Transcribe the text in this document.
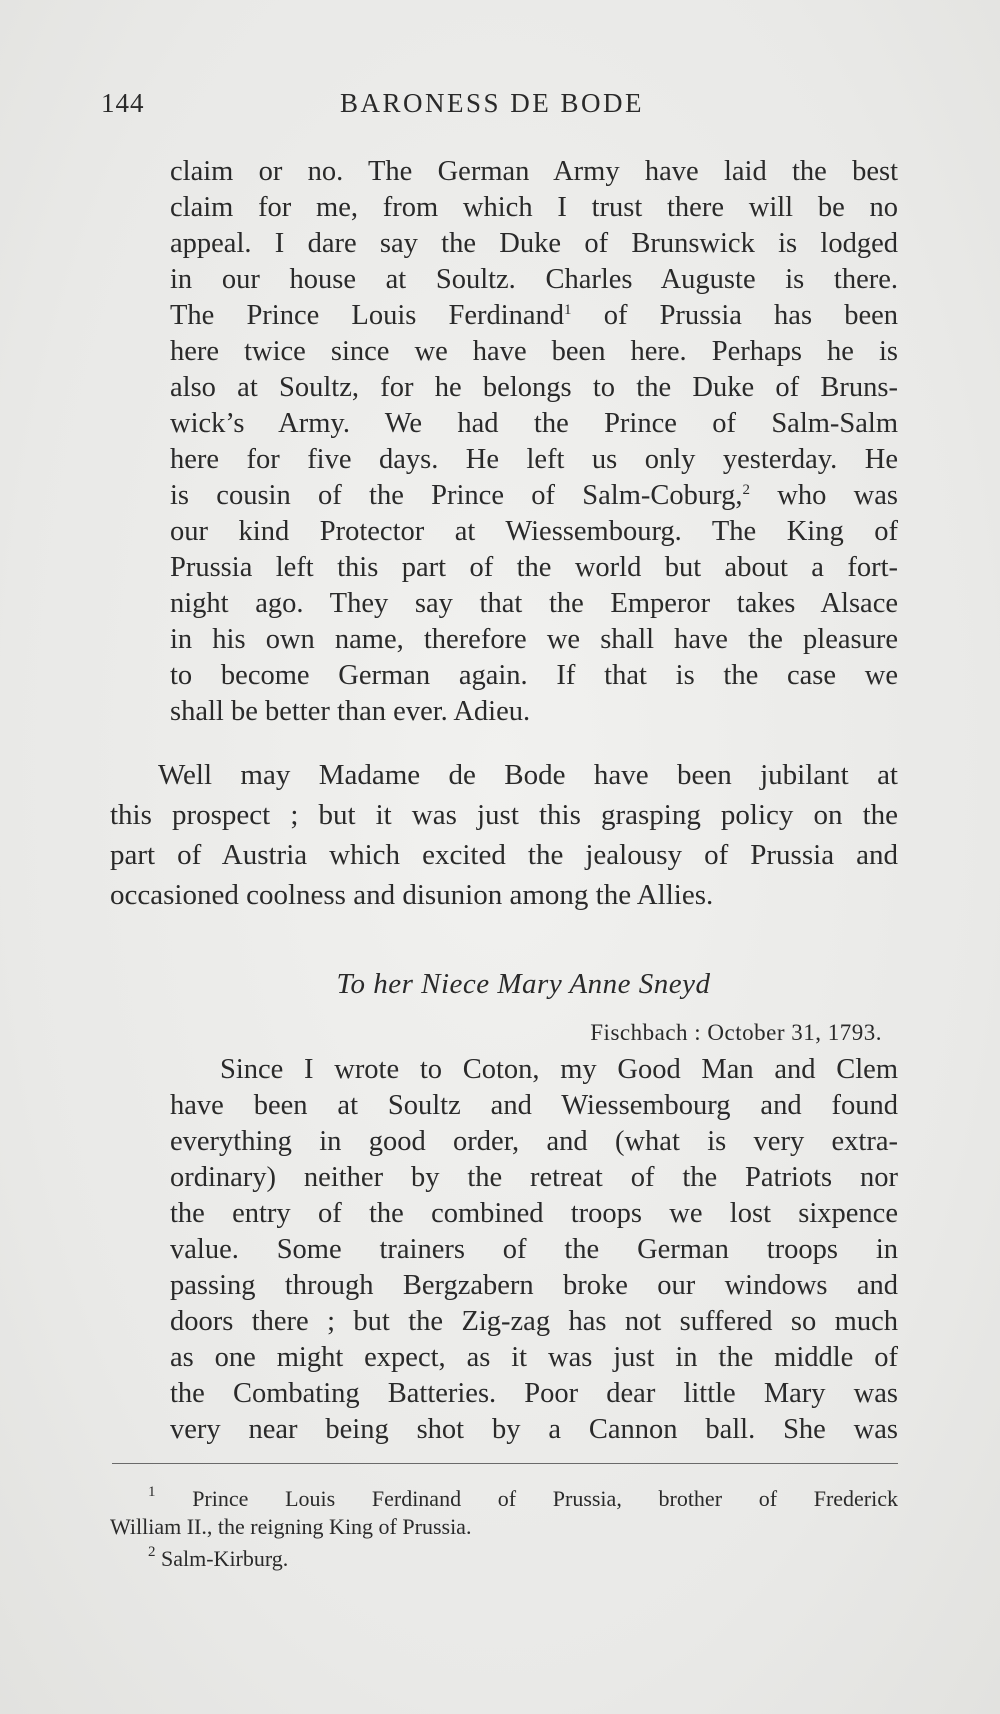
144	BARONESS DE BODE
claim or no. The German Army have laid the best
claim for me, from which I trust there will be no
appeal. I dare say the Duke of Brunswick is lodged
in our house at Soultz. Charles Auguste is there.
The Prince Louis Ferdinand$^1$ of Prussia has been
here twice since we have been here. Perhaps he is
also at Soultz, for he belongs to the Duke of Bruns-
wick’s Army. We had the Prince of Salm-Salm
here for five days. He left us only yesterday. He
is cousin of the Prince of Salm-Coburg,$^2$ who was
our kind Protector at Wiessembourg. The King of
Prussia left this part of the world but about a fort-
night ago. They say that the Emperor takes Alsace
in his own name, therefore we shall have the pleasure
to become German again. If that is the case we
shall be better than ever. Adieu.
Well may Madame de Bode have been jubilant at
this prospect ; but it was just this grasping policy on the
part of Austria which excited the jealousy of Prussia and
occasioned coolness and disunion among the Allies.
To her Niece Mary Anne Sneyd
Fischbach : October 31, 1793.
Since I wrote to Coton, my Good Man and Clem
have been at Soultz and Wiessembourg and found
everything in good order, and (what is very extra-
ordinary) neither by the retreat of the Patriots nor
the entry of the combined troops we lost sixpence
value. Some trainers of the German troops in
passing through Bergzabern broke our windows and
doors there ; but the Zig-zag has not suffered so much
as one might expect, as it was just in the middle of
the Combating Batteries. Poor dear little Mary was
very near being shot by a Cannon ball. She was
$^1$ Prince Louis Ferdinand of Prussia, brother of Frederick
William II., the reigning King of Prussia.
$^2$ Salm-Kirburg.
